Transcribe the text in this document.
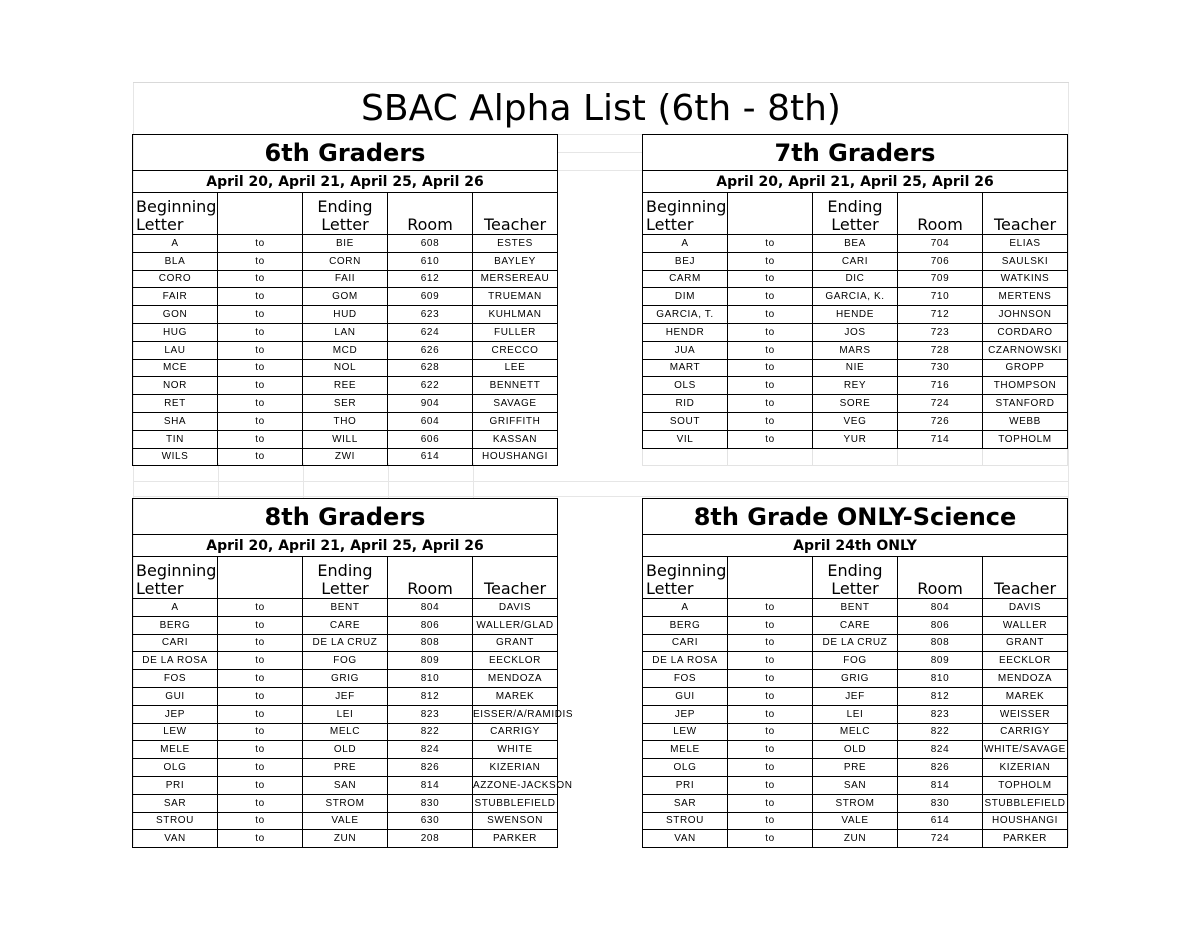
SBAC Alpha List (6th - 8th)
6th Graders				
April 20, April 21, April 25, April 26				
Beginning
Letter		Ending
Letter	Room	Teacher
A	to	BIE	608	ESTES
BLA	to	CORN	610	BAYLEY
CORO	to	FAII	612	MERSEREAU
FAIR	to	GOM	609	TRUEMAN
GON	to	HUD	623	KUHLMAN
HUG	to	LAN	624	FULLER
LAU	to	MCD	626	CRECCO
MCE	to	NOL	628	LEE
NOR	to	REE	622	BENNETT
RET	to	SER	904	SAVAGE
SHA	to	THO	604	GRIFFITH
TIN	to	WILL	606	KASSAN
WILS	to	ZWI	614	HOUSHANGI
7th Graders				
April 20, April 21, April 25, April 26				
Beginning
Letter		Ending
Letter	Room	Teacher
A	to	BEA	704	ELIAS
BEJ	to	CARI	706	SAULSKI
CARM	to	DIC	709	WATKINS
DIM	to	GARCIA, K.	710	MERTENS
GARCIA, T.	to	HENDE	712	JOHNSON
HENDR	to	JOS	723	CORDARO
JUA	to	MARS	728	CZARNOWSKI
MART	to	NIE	730	GROPP
OLS	to	REY	716	THOMPSON
RID	to	SORE	724	STANFORD
SOUT	to	VEG	726	WEBB
VIL	to	YUR	714	TOPHOLM

8th Graders				
April 20, April 21, April 25, April 26				
Beginning
Letter		Ending
Letter	Room	Teacher
A	to	BENT	804	DAVIS
BERG	to	CARE	806	WALLER/GLAD
CARI	to	DE LA CRUZ	808	GRANT
DE LA ROSA	to	FOG	809	EECKLOR
FOS	to	GRIG	810	MENDOZA
GUI	to	JEF	812	MAREK
JEP	to	LEI	823	EISSER/A/RAMIDIS
LEW	to	MELC	822	CARRIGY
MELE	to	OLD	824	WHITE
OLG	to	PRE	826	KIZERIAN
PRI	to	SAN	814	AZZONE-JACKSON
SAR	to	STROM	830	STUBBLEFIELD
STROU	to	VALE	630	SWENSON
VAN	to	ZUN	208	PARKER
8th Grade ONLY-Science				
April 24th ONLY				
Beginning
Letter		Ending
Letter	Room	Teacher
A	to	BENT	804	DAVIS
BERG	to	CARE	806	WALLER
CARI	to	DE LA CRUZ	808	GRANT
DE LA ROSA	to	FOG	809	EECKLOR
FOS	to	GRIG	810	MENDOZA
GUI	to	JEF	812	MAREK
JEP	to	LEI	823	WEISSER
LEW	to	MELC	822	CARRIGY
MELE	to	OLD	824	WHITE/SAVAGE
OLG	to	PRE	826	KIZERIAN
PRI	to	SAN	814	TOPHOLM
SAR	to	STROM	830	STUBBLEFIELD
STROU	to	VALE	614	HOUSHANGI
VAN	to	ZUN	724	PARKER
